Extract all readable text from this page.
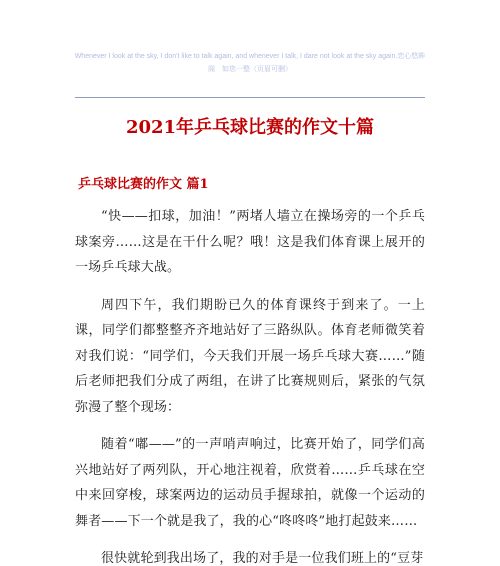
Whenever I look at the sky, I don't like to talk again, and whenever I talk, I dare not look at the sky again.恋心悠眸
阁　如您一整（页眉可删）
2021年乒乓球比赛的作文十篇
乒乓球比赛的作文 篇1

“快——扣球，加油！”两堵人墙立在操场旁的一个乒乓球案旁……这是在干什么呢？哦！这是我们体育课上展开的一场乒乓球大战。

周四下午，我们期盼已久的体育课终于到来了。一上课，同学们都整整齐齐地站好了三路纵队。体育老师微笑着对我们说：“同学们，今天我们开展一场乒乓球大赛……”随后老师把我们分成了两组，在讲了比赛规则后，紧张的气氛弥漫了整个现场：

随着“嘟——”的一声哨声响过，比赛开始了，同学们高兴地站好了两列队，开心地注视着，欣赏着……乒乓球在空中来回穿梭，球案两边的运动员手握球拍，就像一个运动的舞者——下一个就是我了，我的心“咚咚咚”地打起鼓来……

很快就轮到我出场了，我的对手是一位我们班上的“豆芽
